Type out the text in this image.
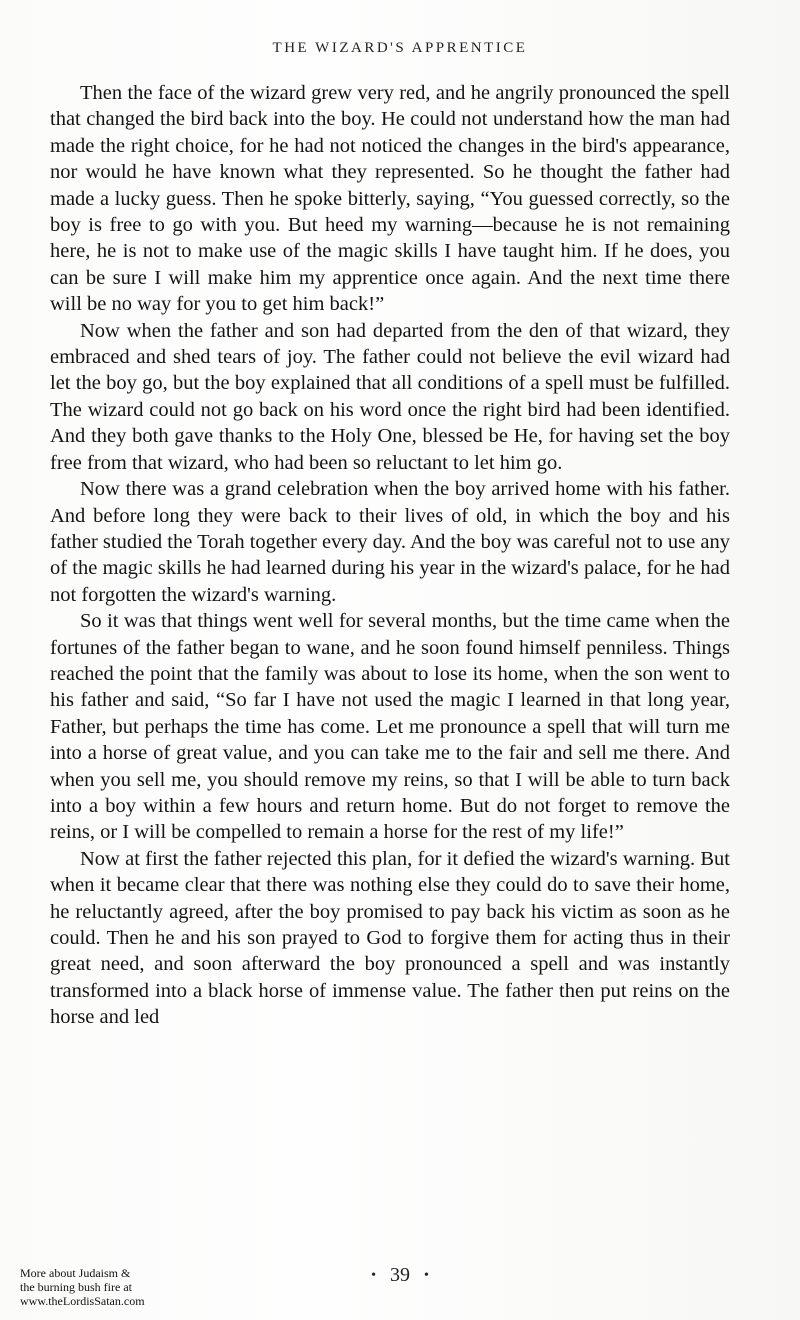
THE WIZARD'S APPRENTICE

Then the face of the wizard grew very red, and he angrily pronounced the spell that changed the bird back into the boy. He could not understand how the man had made the right choice, for he had not noticed the changes in the bird's appearance, nor would he have known what they represented. So he thought the father had made a lucky guess. Then he spoke bitterly, saying, “You guessed correctly, so the boy is free to go with you. But heed my warning—because he is not remaining here, he is not to make use of the magic skills I have taught him. If he does, you can be sure I will make him my apprentice once again. And the next time there will be no way for you to get him back!”

Now when the father and son had departed from the den of that wizard, they embraced and shed tears of joy. The father could not believe the evil wizard had let the boy go, but the boy explained that all conditions of a spell must be fulfilled. The wizard could not go back on his word once the right bird had been identified. And they both gave thanks to the Holy One, blessed be He, for having set the boy free from that wizard, who had been so reluctant to let him go.

Now there was a grand celebration when the boy arrived home with his father. And before long they were back to their lives of old, in which the boy and his father studied the Torah together every day. And the boy was careful not to use any of the magic skills he had learned during his year in the wizard's palace, for he had not forgotten the wizard's warning.

So it was that things went well for several months, but the time came when the fortunes of the father began to wane, and he soon found himself penniless. Things reached the point that the family was about to lose its home, when the son went to his father and said, “So far I have not used the magic I learned in that long year, Father, but perhaps the time has come. Let me pronounce a spell that will turn me into a horse of great value, and you can take me to the fair and sell me there. And when you sell me, you should remove my reins, so that I will be able to turn back into a boy within a few hours and return home. But do not forget to remove the reins, or I will be compelled to remain a horse for the rest of my life!”

Now at first the father rejected this plan, for it defied the wizard's warning. But when it became clear that there was nothing else they could do to save their home, he reluctantly agreed, after the boy promised to pay back his victim as soon as he could. Then he and his son prayed to God to forgive them for acting thus in their great need, and soon afterward the boy pronounced a spell and was instantly transformed into a black horse of immense value. The father then put reins on the horse and led

• 39 •
More about Judaism &
the burning bush fire at
www.theLordisSatan.com
